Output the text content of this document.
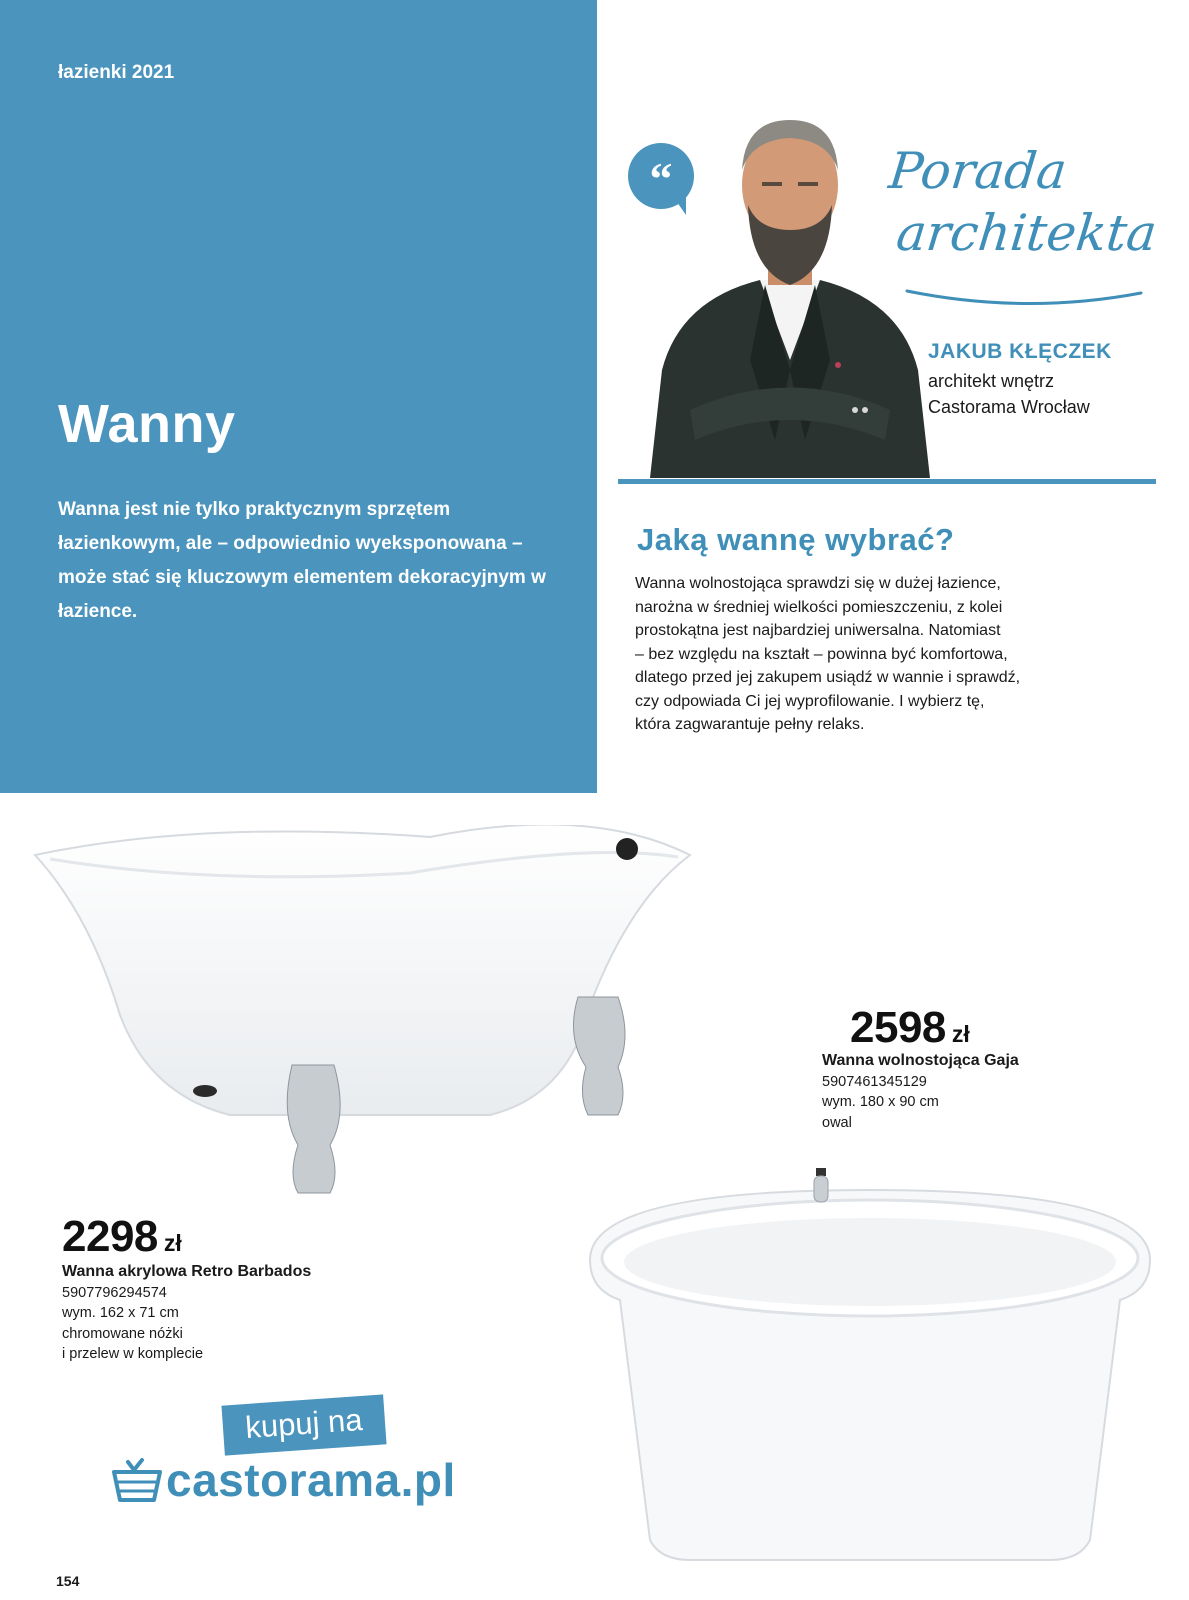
łazienki 2021
Wanny

Wanna jest nie tylko praktycznym sprzętem łazienkowym, ale – odpowiednio wyeksponowana – może stać się kluczowym elementem dekoracyjnym w łazience.

“	Porada
architekta
JAKUB KŁĘCZEK
architekt wnętrz
Castorama Wrocław
Jaką wannę wybrać?
Wanna wolnostojąca sprawdzi się w dużej łazience,
narożna w średniej wielkości pomieszczeniu, z kolei
prostokątna jest najbardziej uniwersalna. Natomiast
– bez względu na kształt – powinna być komfortowa,
dlatego przed jej zakupem usiądź w wannie i sprawdź,
czy odpowiada Ci jej wyprofilowanie. I wybierz tę,
która zagwarantuje pełny relaks.
2298 zł
Wanna akrylowa Retro Barbados
5907796294574
wym. 162 x 71 cm
chromowane nóżki
i przelew w komplecie
2598 zł
Wanna wolnostojąca Gaja
5907461345129
wym. 180 x 90 cm
owal
kupuj na
castorama.pl
154
